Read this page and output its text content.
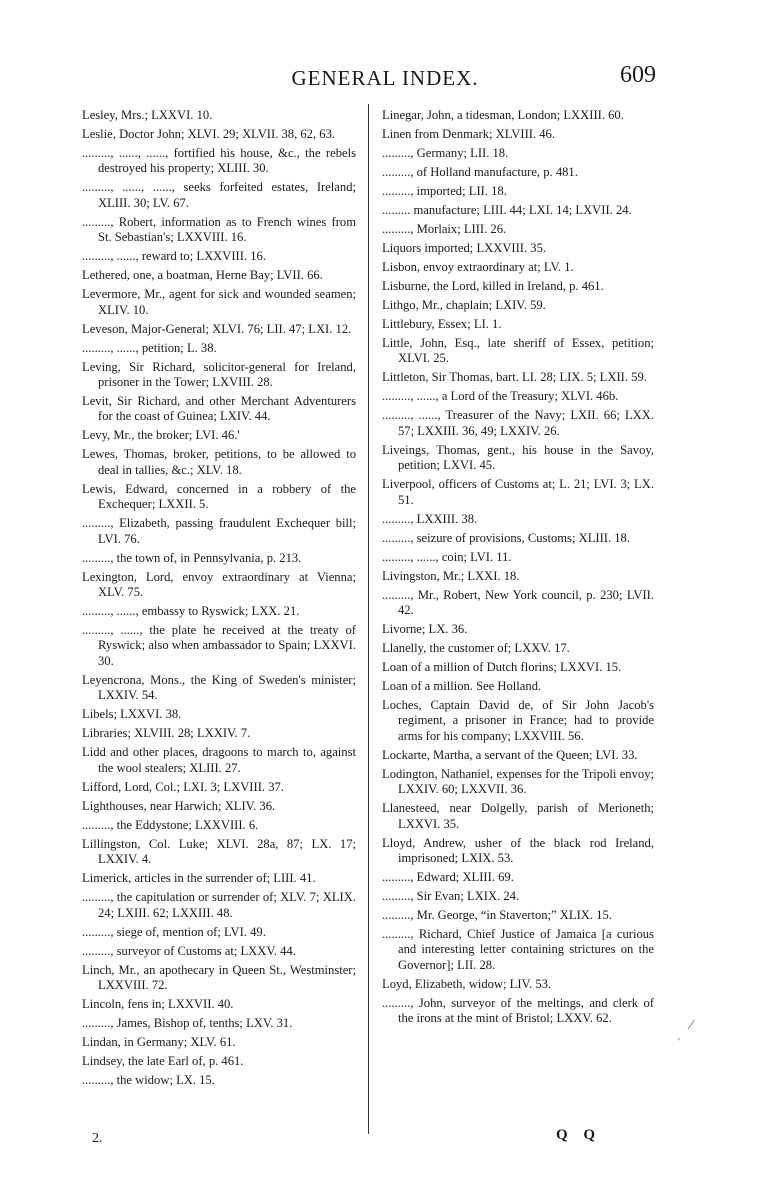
GENERAL INDEX.	609

Lesley, Mrs.; LXXVI. 10.

Leslie, Doctor John; XLVI. 29; XLVII. 38, 62, 63.

........., ......, ......, fortified his house, &c., the rebels destroyed his property; XLIII. 30.

........., ......, ......, seeks forfeited estates, Ireland; XLIII. 30; LV. 67.

........., Robert, information as to French wines from St. Sebastian's; LXXVIII. 16.

........., ......, reward to; LXXVIII. 16.

Lethered, one, a boatman, Herne Bay; LVII. 66.

Levermore, Mr., agent for sick and wounded seamen; XLIV. 10.

Leveson, Major-General; XLVI. 76; LII. 47; LXI. 12.

........., ......, petition; L. 38.

Leving, Sir Richard, solicitor-general for Ireland, prisoner in the Tower; LXVIII. 28.

Levit, Sir Richard, and other Merchant Adventurers for the coast of Guinea; LXIV. 44.

Levy, Mr., the broker; LVI. 46.'

Lewes, Thomas, broker, petitions, to be allowed to deal in tallies, &c.; XLV. 18.

Lewis, Edward, concerned in a robbery of the Exchequer; LXXII. 5.

........., Elizabeth, passing fraudulent Exchequer bill; LVI. 76.

........., the town of, in Pennsylvania, p. 213.

Lexington, Lord, envoy extraordinary at Vienna; XLV. 75.

........., ......, embassy to Ryswick; LXX. 21.

........., ......, the plate he received at the treaty of Ryswick; also when ambassador to Spain; LXXVI. 30.

Leyencrona, Mons., the King of Sweden's minister; LXXIV. 54.

Libels; LXXVI. 38.

Libraries; XLVIII. 28; LXXIV. 7.

Lidd and other places, dragoons to march to, against the wool stealers; XLIII. 27.

Lifford, Lord, Col.; LXI. 3; LXVIII. 37.

Lighthouses, near Harwich; XLIV. 36.

........., the Eddystone; LXXVIII. 6.

Lillingston, Col. Luke; XLVI. 28a, 87; LX. 17; LXXIV. 4.

Limerick, articles in the surrender of; LIII. 41.

........., the capitulation or surrender of; XLV. 7; XLIX. 24; LXIII. 62; LXXIII. 48.

........., siege of, mention of; LVI. 49.

........., surveyor of Customs at; LXXV. 44.

Linch, Mr., an apothecary in Queen St., Westminster; LXXVIII. 72.

Lincoln, fens in; LXXVII. 40.

........., James, Bishop of, tenths; LXV. 31.

Lindan, in Germany; XLV. 61.

Lindsey, the late Earl of, p. 461.

........., the widow; LX. 15.

Linegar, John, a tidesman, London; LXXIII. 60.

Linen from Denmark; XLVIII. 46.

........., Germany; LII. 18.

........., of Holland manufacture, p. 481.

........., imported; LII. 18.

......... manufacture; LIII. 44; LXI. 14; LXVII. 24.

........., Morlaix; LIII. 26.

Liquors imported; LXXVIII. 35.

Lisbon, envoy extraordinary at; LV. 1.

Lisburne, the Lord, killed in Ireland, p. 461.

Lithgo, Mr., chaplain; LXIV. 59.

Littlebury, Essex; LI. 1.

Little, John, Esq., late sheriff of Essex, petition; XLVI. 25.

Littleton, Sir Thomas, bart. LI. 28; LIX. 5; LXII. 59.

........., ......, a Lord of the Treasury; XLVI. 46b.

........., ......, Treasurer of the Navy; LXII. 66; LXX. 57; LXXIII. 36, 49; LXXIV. 26.

Liveings, Thomas, gent., his house in the Savoy, petition; LXVI. 45.

Liverpool, officers of Customs at; L. 21; LVI. 3; LX. 51.

........., LXXIII. 38.

........., seizure of provisions, Customs; XLIII. 18.

........., ......, coin; LVI. 11.

Livingston, Mr.; LXXI. 18.

........., Mr., Robert, New York council, p. 230; LVII. 42.

Livorne; LX. 36.

Llanelly, the customer of; LXXV. 17.

Loan of a million of Dutch florins; LXXVI. 15.

Loan of a million. See Holland.

Loches, Captain David de, of Sir John Jacob's regiment, a prisoner in France; had to provide arms for his company; LXXVIII. 56.

Lockarte, Martha, a servant of the Queen; LVI. 33.

Lodington, Nathaniel, expenses for the Tripoli envoy; LXXIV. 60; LXXVII. 36.

Llanesteed, near Dolgelly, parish of Merioneth; LXXVI. 35.

Lloyd, Andrew, usher of the black rod Ireland, imprisoned; LXIX. 53.

........., Edward; XLIII. 69.

........., Sir Evan; LXIX. 24.

........., Mr. George, “in Staverton;” XLIX. 15.

........., Richard, Chief Justice of Jamaica [a curious and interesting letter containing strictures on the Governor]; LII. 28.

Loyd, Elizabeth, widow; LIV. 53.

........., John, surveyor of the meltings, and clerk of the irons at the mint of Bristol; LXXV. 62.

2.	Q Q
⁄
'
